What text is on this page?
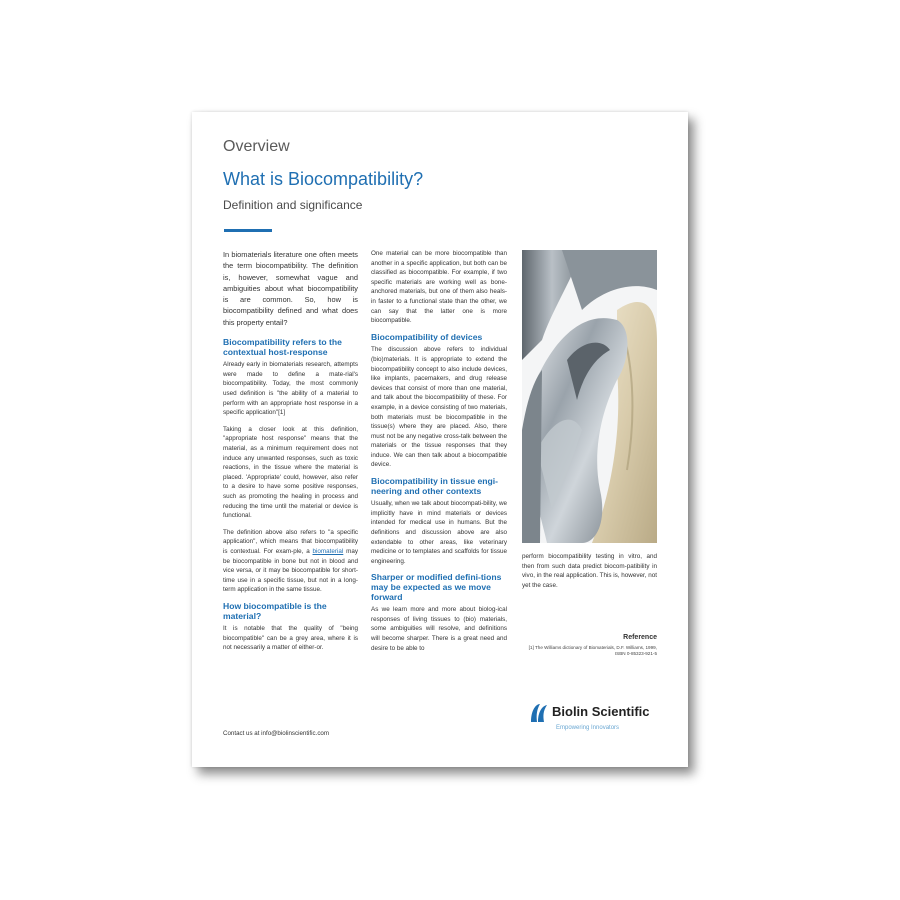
Overview
What is Biocompatibility?
Definition and significance

In biomaterials literature one often meets the term biocompatibility. The definition is, however, somewhat vague and ambiguities about what biocompatibility is are common. So, how is biocompatibility defined and what does this property entail?

Biocompatibility refers to the contextual host-response

Already early in biomaterials research, attempts were made to define a mate-rial's biocompatibility. Today, the most commonly used definition is "the ability of a material to perform with an appropriate host response in a specific application"[1]

Taking a closer look at this definition, "appropriate host response" means that the material, as a minimum requirement does not induce any unwanted responses, such as toxic reactions, in the tissue where the material is placed. 'Appropriate' could, however, also refer to a desire to have some positive responses, such as promoting the healing in process and reducing the time until the material or device is functional.

The definition above also refers to "a specific application", which means that biocompatibility is contextual. For exam-ple, a biomaterial may be biocompatible in bone but not in blood and vice versa, or it may be biocompatible for short-time use in a specific tissue, but not in a long-term application in the same tissue.

How biocompatible is the material?

It is notable that the quality of "being biocompatible" can be a grey area, where it is not necessarily a matter of either-or.

One material can be more biocompatible than another in a specific application, but both can be classified as biocompatible. For example, if two specific materials are working well as bone-anchored materials, but one of them also heals-in faster to a functional state than the other, we can say that the latter one is more biocompatible.

Biocompatibility of devices

The discussion above refers to individual (bio)materials. It is appropriate to extend the biocompatibility concept to also include devices, like implants, pacemakers, and drug release devices that consist of more than one material, and talk about the biocompatibility of these. For example, in a device consisting of two materials, both materials must be biocompatible in the tissue(s) where they are placed. Also, there must not be any negative cross-talk between the materials or the tissue responses that they induce. We can then talk about a biocompatible device.

Biocompatibility in tissue engi-neering and other contexts

Usually, when we talk about biocompati-bility, we implicitly have in mind materials or devices intended for medical use in humans. But the definitions and discussion above are also extendable to other areas, like veterinary medicine or to templates and scaffolds for tissue engineering.

Sharper or modified defini-tions may be expected as we move forward

As we learn more and more about biolog-ical responses of living tissues to (bio) materials, some ambiguities will resolve, and definitions will become sharper. There is a great need and desire to be able to

perform biocompatibility testing in vitro, and then from such data predict biocom-patibility in vivo, in the real application. This is, however, not yet the case.

Reference
[1] The Williams dictionary of Biomaterials, D.F. Williams, 1999, ISBN 0-85323-921-5
Contact us at info@biolinscientific.com
Biolin Scientific
Empowering Innovators
